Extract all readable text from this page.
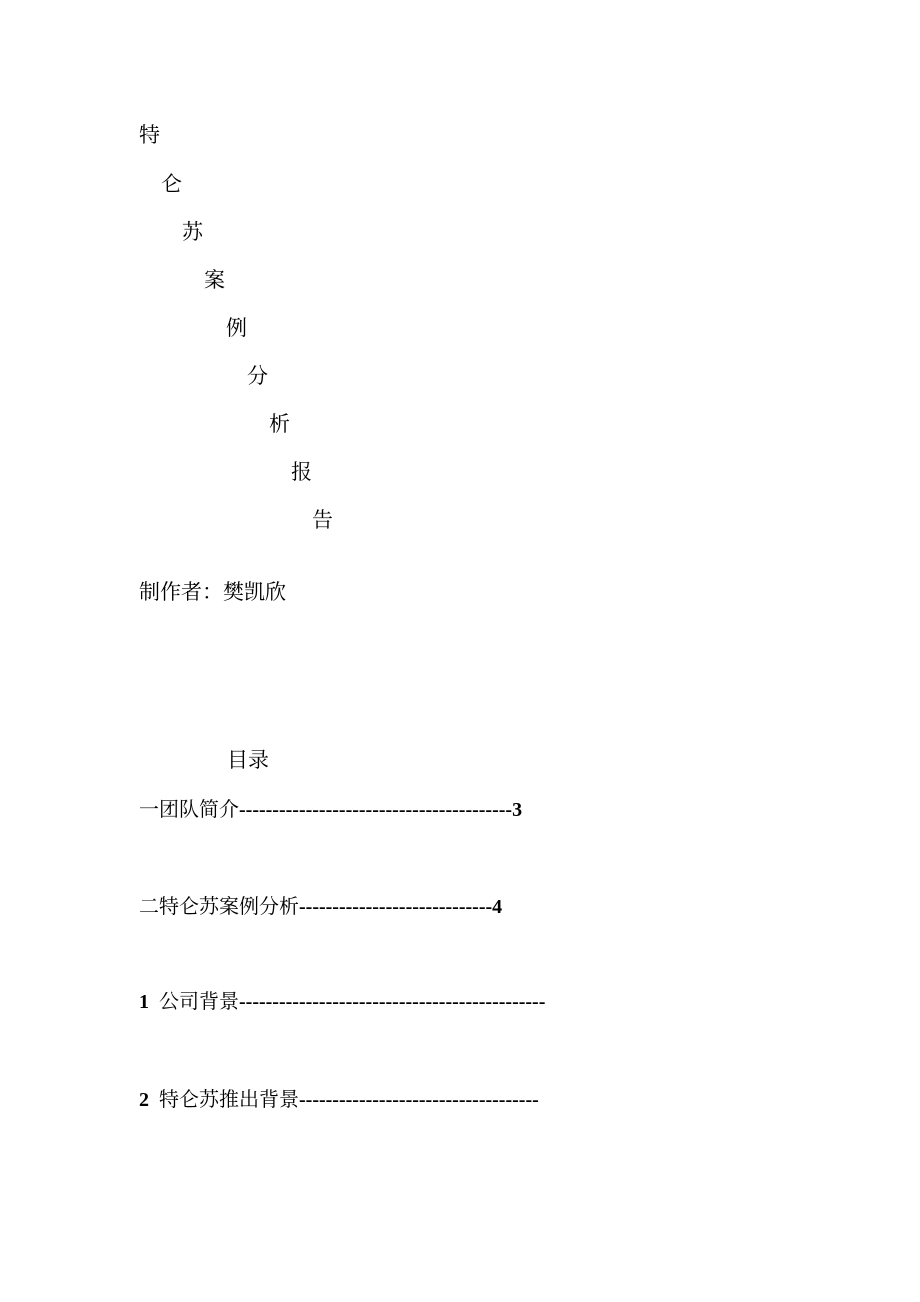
特
仑
苏
案
例
分
析
报
告
制作者：樊凯欣
目录
一团队简介-----------------------------------------3
二特仑苏案例分析-----------------------------4
1 公司背景----------------------------------------------
2 特仑苏推出背景------------------------------------
